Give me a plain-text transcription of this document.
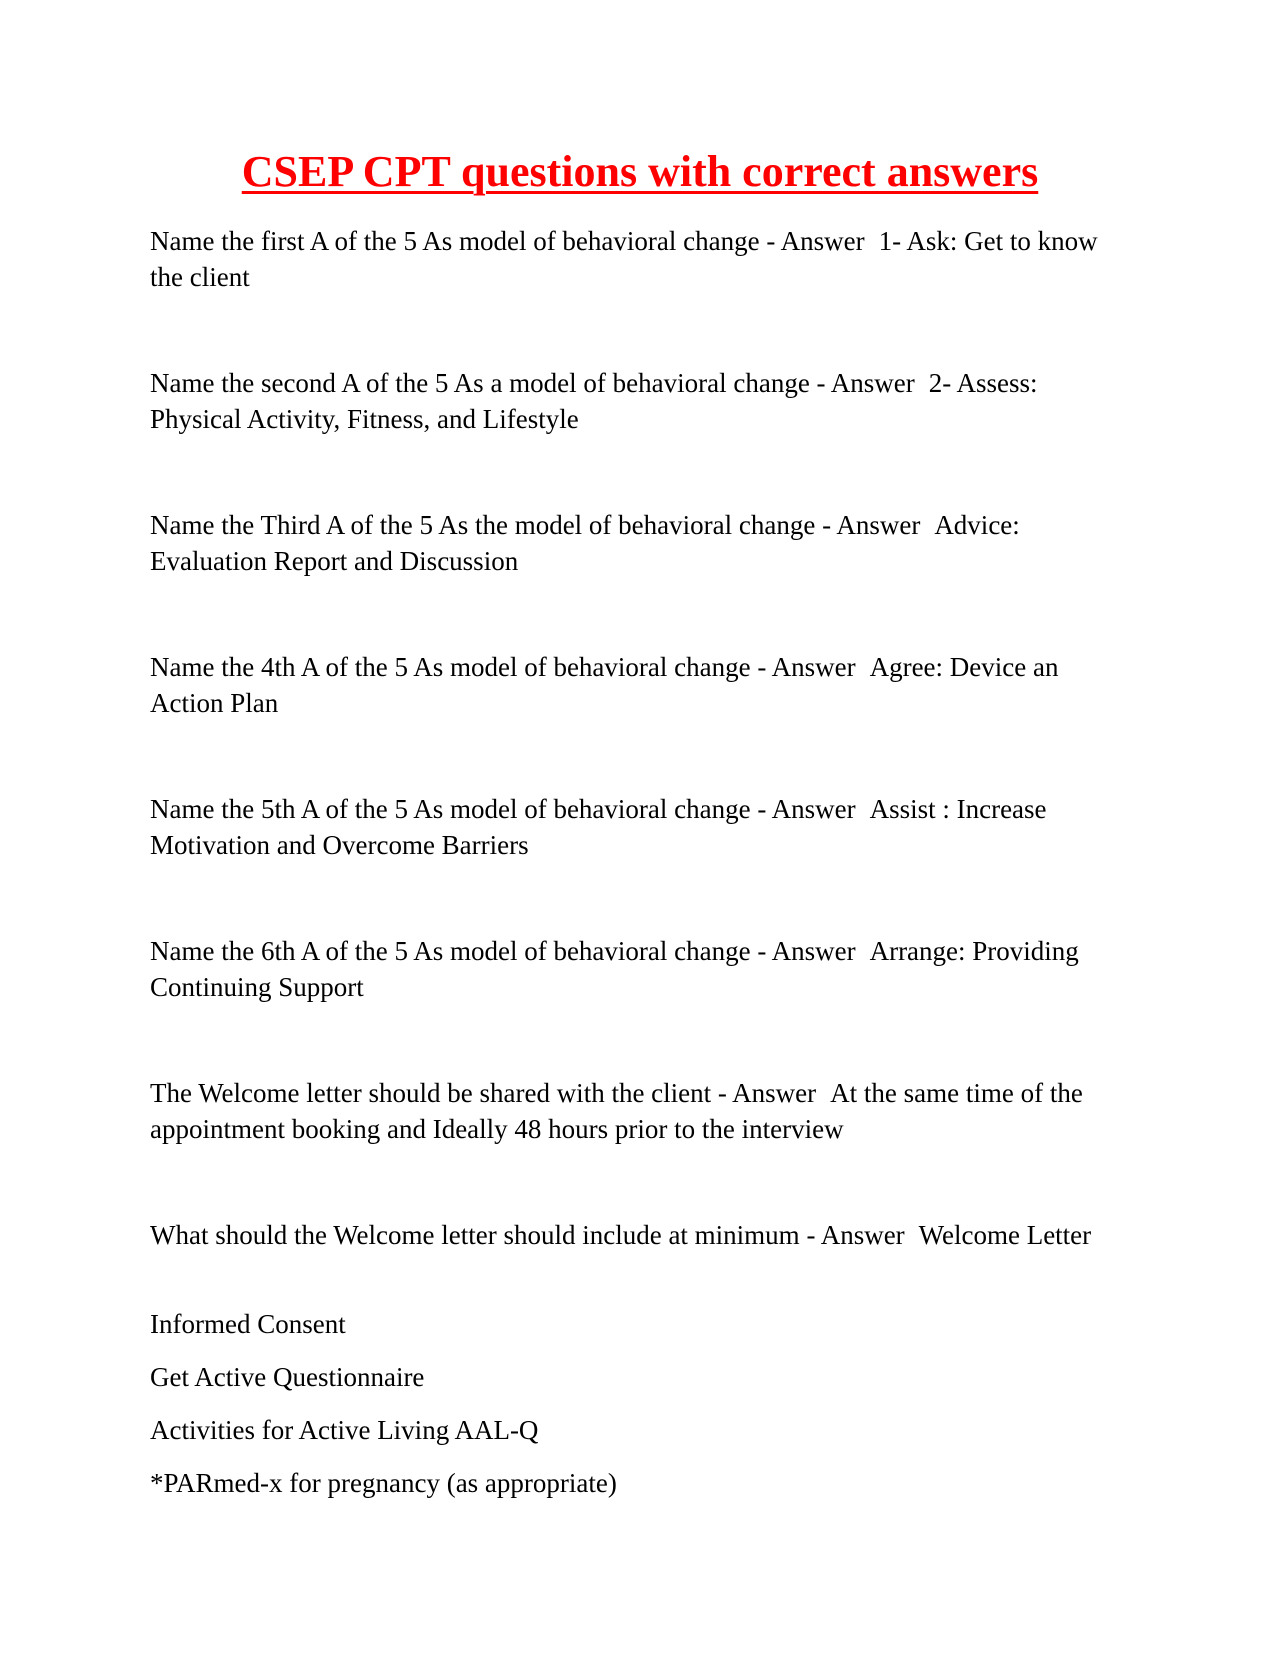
CSEP CPT questions with correct answers

Name the first A of the 5 As model of behavioral change - Answer 1- Ask: Get to know the client

Name the second A of the 5 As a model of behavioral change - Answer 2- Assess: Physical Activity, Fitness, and Lifestyle

Name the Third A of the 5 As the model of behavioral change - Answer Advice: Evaluation Report and Discussion

Name the 4th A of the 5 As model of behavioral change - Answer Agree: Device an Action Plan

Name the 5th A of the 5 As model of behavioral change - Answer Assist : Increase Motivation and Overcome Barriers

Name the 6th A of the 5 As model of behavioral change - Answer Arrange: Providing Continuing Support

The Welcome letter should be shared with the client - Answer At the same time of the appointment booking and Ideally 48 hours prior to the interview

What should the Welcome letter should include at minimum - Answer Welcome Letter

Informed Consent

Get Active Questionnaire

Activities for Active Living AAL-Q

*PARmed-x for pregnancy (as appropriate)
